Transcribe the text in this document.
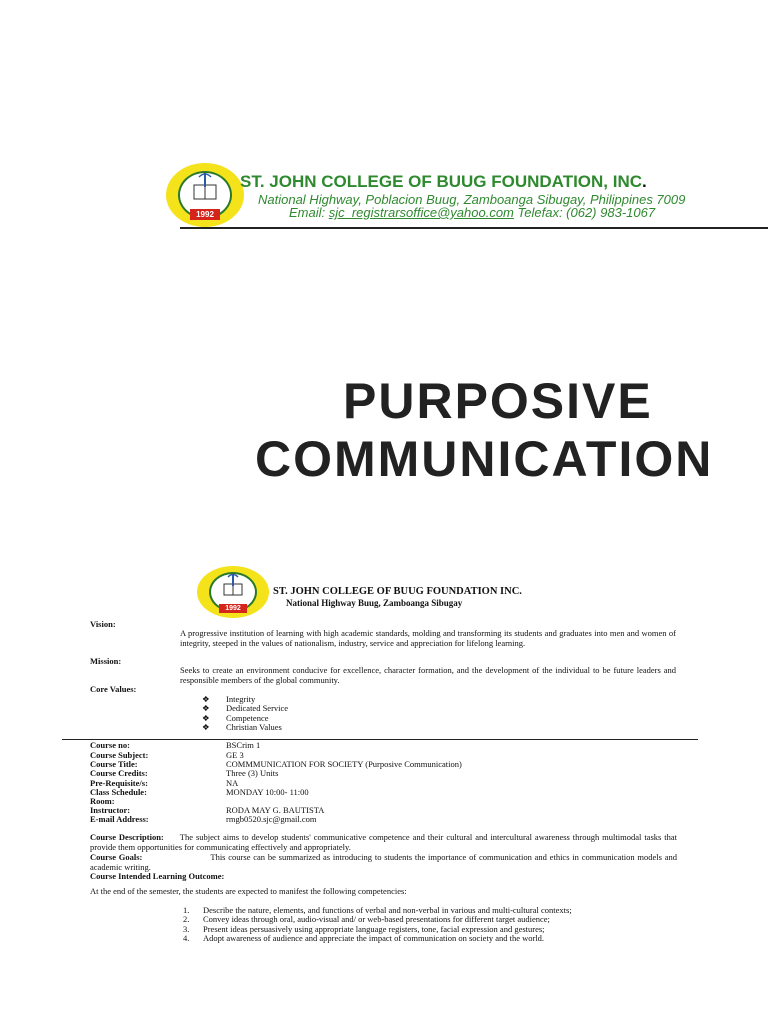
1992
ST. JOHN COLLEGE OF BUUG FOUNDATION, INC.
National Highway, Poblacion Buug, Zamboanga Sibugay, Philippines 7009
Email: sjc_registrarsoffice@yahoo.com Telefax: (062) 983-1067
PURPOSIVE
COMMUNICATION
1992
ST. JOHN COLLEGE OF BUUG FOUNDATION INC.
National Highway Buug, Zamboanga Sibugay
Vision:
A progressive institution of learning with high academic standards, molding and transforming its students and graduates into men and women of integrity, steeped in the values of nationalism, industry, service and appreciation for lifelong learning.
Mission:
Seeks to create an environment conducive for excellence, character formation, and the development of the individual to be future leaders and responsible members of the global community.
Core Values:
❖ Integrity
❖ Dedicated Service
❖ Competence
❖ Christian Values
Course no:	BSCrim 1
Course Subject:	GE 3
Course Title:	COMMMUNICATION FOR SOCIETY (Purposive Communication)
Course Credits:	Three (3) Units
Pre-Requisite/s:	NA
Class Schedule:	MONDAY 10:00- 11:00
Room:
Instructor:	RODA MAY G. BAUTISTA
E-mail Address:	rmgb0520.sjc@gmail.com
Course Description: The subject aims to develop students' communicative competence and their cultural and intercultural awareness through multimodal tasks that provide them opportunities for communicating effectively and appropriately.
Course Goals:	This course can be summarized as introducing to students the importance of communication and ethics in communication models and academic writing.
Course Intended Learning Outcome:
At the end of the semester, the students are expected to manifest the following competencies:
1. Describe the nature, elements, and functions of verbal and non-verbal in various and multi-cultural contexts;
2. Convey ideas through oral, audio-visual and/ or web-based presentations for different target audience;
3. Present ideas persuasively using appropriate language registers, tone, facial expression and gestures;
4. Adopt awareness of audience and appreciate the impact of communication on society and the world.
